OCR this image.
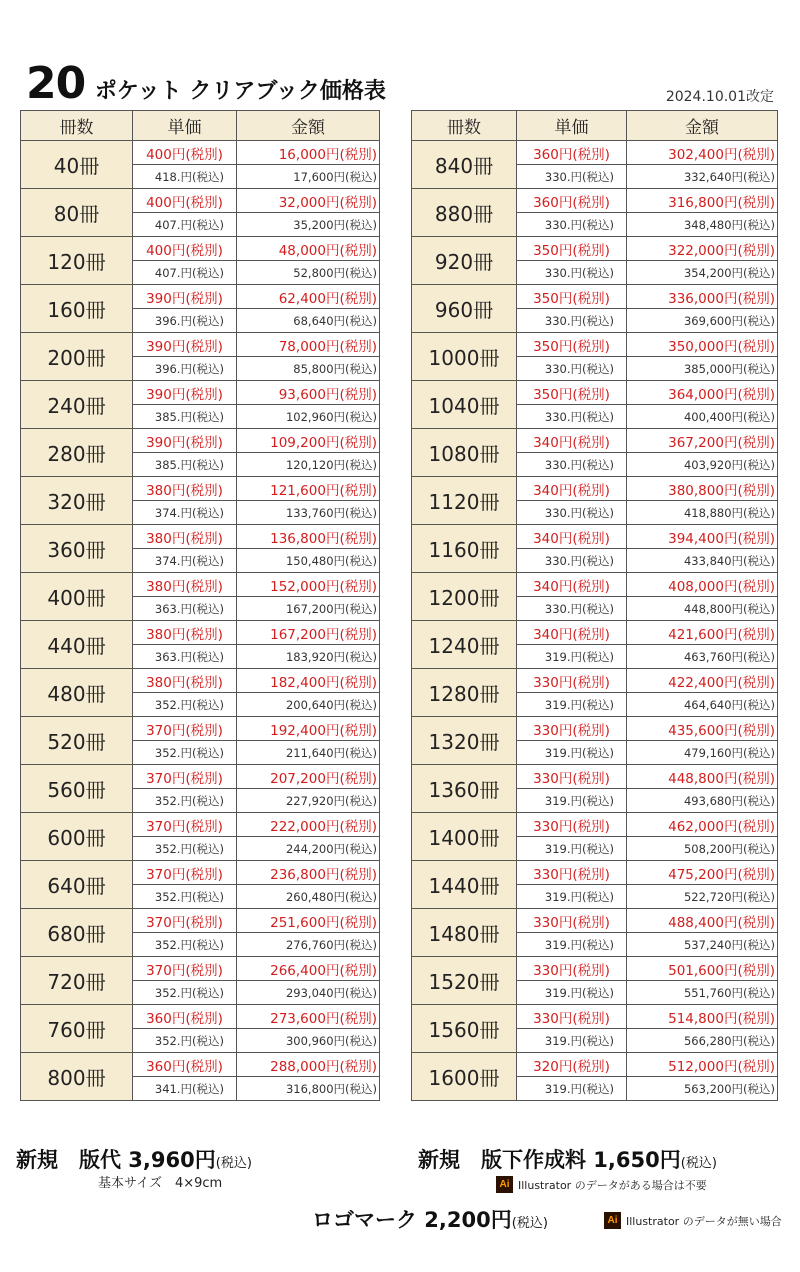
20 ポケット クリアブック価格表	2024.10.01改定
冊数	単価	金額
40冊	400円(税別)	16,000円(税別)
	418.円(税込)	17,600円(税込)
80冊	400円(税別)	32,000円(税別)
	407.円(税込)	35,200円(税込)
120冊	400円(税別)	48,000円(税別)
	407.円(税込)	52,800円(税込)
160冊	390円(税別)	62,400円(税別)
	396.円(税込)	68,640円(税込)
200冊	390円(税別)	78,000円(税別)
	396.円(税込)	85,800円(税込)
240冊	390円(税別)	93,600円(税別)
	385.円(税込)	102,960円(税込)
280冊	390円(税別)	109,200円(税別)
	385.円(税込)	120,120円(税込)
320冊	380円(税別)	121,600円(税別)
	374.円(税込)	133,760円(税込)
360冊	380円(税別)	136,800円(税別)
	374.円(税込)	150,480円(税込)
400冊	380円(税別)	152,000円(税別)
	363.円(税込)	167,200円(税込)
440冊	380円(税別)	167,200円(税別)
	363.円(税込)	183,920円(税込)
480冊	380円(税別)	182,400円(税別)
	352.円(税込)	200,640円(税込)
520冊	370円(税別)	192,400円(税別)
	352.円(税込)	211,640円(税込)
560冊	370円(税別)	207,200円(税別)
	352.円(税込)	227,920円(税込)
600冊	370円(税別)	222,000円(税別)
	352.円(税込)	244,200円(税込)
640冊	370円(税別)	236,800円(税別)
	352.円(税込)	260,480円(税込)
680冊	370円(税別)	251,600円(税別)
	352.円(税込)	276,760円(税込)
720冊	370円(税別)	266,400円(税別)
	352.円(税込)	293,040円(税込)
760冊	360円(税別)	273,600円(税別)
	352.円(税込)	300,960円(税込)
800冊	360円(税別)	288,000円(税別)
	341.円(税込)	316,800円(税込)
冊数	単価	金額
840冊	360円(税別)	302,400円(税別)
	330.円(税込)	332,640円(税込)
880冊	360円(税別)	316,800円(税別)
	330.円(税込)	348,480円(税込)
920冊	350円(税別)	322,000円(税別)
	330.円(税込)	354,200円(税込)
960冊	350円(税別)	336,000円(税別)
	330.円(税込)	369,600円(税込)
1000冊	350円(税別)	350,000円(税別)
	330.円(税込)	385,000円(税込)
1040冊	350円(税別)	364,000円(税別)
	330.円(税込)	400,400円(税込)
1080冊	340円(税別)	367,200円(税別)
	330.円(税込)	403,920円(税込)
1120冊	340円(税別)	380,800円(税別)
	330.円(税込)	418,880円(税込)
1160冊	340円(税別)	394,400円(税別)
	330.円(税込)	433,840円(税込)
1200冊	340円(税別)	408,000円(税別)
	330.円(税込)	448,800円(税込)
1240冊	340円(税別)	421,600円(税別)
	319.円(税込)	463,760円(税込)
1280冊	330円(税別)	422,400円(税別)
	319.円(税込)	464,640円(税込)
1320冊	330円(税別)	435,600円(税別)
	319.円(税込)	479,160円(税込)
1360冊	330円(税別)	448,800円(税別)
	319.円(税込)	493,680円(税込)
1400冊	330円(税別)	462,000円(税別)
	319.円(税込)	508,200円(税込)
1440冊	330円(税別)	475,200円(税別)
	319.円(税込)	522,720円(税込)
1480冊	330円(税別)	488,400円(税別)
	319.円(税込)	537,240円(税込)
1520冊	330円(税別)	501,600円(税別)
	319.円(税込)	551,760円(税込)
1560冊	330円(税別)	514,800円(税別)
	319.円(税込)	566,280円(税込)
1600冊	320円(税別)	512,000円(税別)
	319.円(税込)	563,200円(税込)
新規　版代 3,960円(税込)
基本サイズ　4×9cm
新規　版下作成料 1,650円(税込)
Ai Illustrator のデータがある場合は不要
ロゴマーク 2,200円(税込)	Ai Illustrator のデータが無い場合
